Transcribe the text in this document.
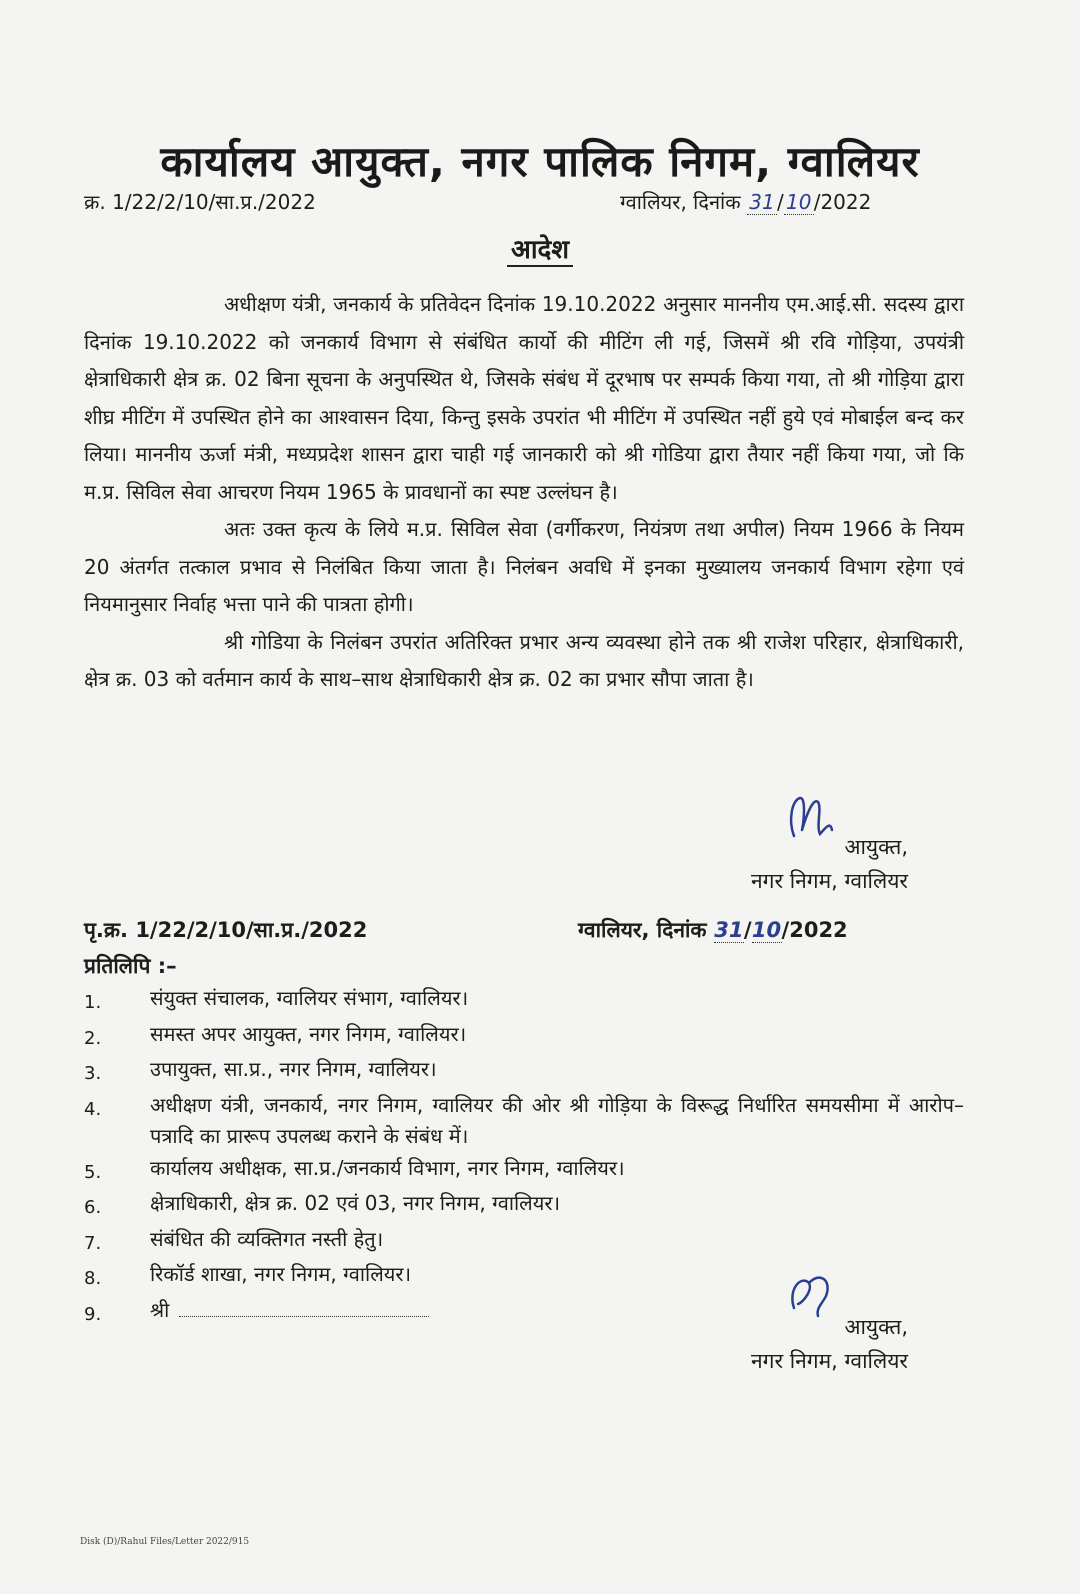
कार्यालय आयुक्त, नगर पालिक निगम, ग्वालियर
क्र. 1/22/2/10/सा.प्र./2022	ग्वालियर, दिनांक 31 / 10 /2022
आदेश

अधीक्षण यंत्री, जनकार्य के प्रतिवेदन दिनांक 19.10.2022 अनुसार माननीय एम.आई.सी. सदस्य द्वारा दिनांक 19.10.2022 को जनकार्य विभाग से संबंधित कार्यो की मीटिंग ली गई, जिसमें श्री रवि गोड़िया, उपयंत्री क्षेत्राधिकारी क्षेत्र क्र. 02 बिना सूचना के अनुपस्थित थे, जिसके संबंध में दूरभाष पर सम्पर्क किया गया, तो श्री गोड़िया द्वारा शीघ्र मीटिंग में उपस्थित होने का आश्वासन दिया, किन्तु इसके उपरांत भी मीटिंग में उपस्थित नहीं हुये एवं मोबाईल बन्द कर लिया। माननीय ऊर्जा मंत्री, मध्यप्रदेश शासन द्वारा चाही गई जानकारी को श्री गोडिया द्वारा तैयार नहीं किया गया, जो कि म.प्र. सिविल सेवा आचरण नियम 1965 के प्रावधानों का स्पष्ट उल्लंघन है।

अतः उक्त कृत्य के लिये म.प्र. सिविल सेवा (वर्गीकरण, नियंत्रण तथा अपील) नियम 1966 के नियम 20 अंतर्गत तत्काल प्रभाव से निलंबित किया जाता है। निलंबन अवधि में इनका मुख्यालय जनकार्य विभाग रहेगा एवं नियमानुसार निर्वाह भत्ता पाने की पात्रता होगी।

श्री गोडिया के निलंबन उपरांत अतिरिक्त प्रभार अन्य व्यवस्था होने तक श्री राजेश परिहार, क्षेत्राधिकारी, क्षेत्र क्र. 03 को वर्तमान कार्य के साथ–साथ क्षेत्राधिकारी क्षेत्र क्र. 02 का प्रभार सौपा जाता है।

आयुक्त,
नगर निगम, ग्वालियर
पृ.क्र. 1/22/2/10/सा.प्र./2022	ग्वालियर, दिनांक 31/10/2022
प्रतिलिपि :–
1.	संयुक्त संचालक, ग्वालियर संभाग, ग्वालियर।
2.	समस्त अपर आयुक्त, नगर निगम, ग्वालियर।
3.	उपायुक्त, सा.प्र., नगर निगम, ग्वालियर।
4.	अधीक्षण यंत्री, जनकार्य, नगर निगम, ग्वालियर की ओर श्री गोड़िया के विरूद्ध निर्धारित समयसीमा में आरोप–पत्रादि का प्रारूप उपलब्ध कराने के संबंध में।
5.	कार्यालय अधीक्षक, सा.प्र./जनकार्य विभाग, नगर निगम, ग्वालियर।
6.	क्षेत्राधिकारी, क्षेत्र क्र. 02 एवं 03, नगर निगम, ग्वालियर।
7.	संबंधित की व्यक्तिगत नस्ती हेतु।
8.	रिकॉर्ड शाखा, नगर निगम, ग्वालियर।
9.	श्री
आयुक्त,
नगर निगम, ग्वालियर
Disk (D)/Rahul Files/Letter 2022/915
